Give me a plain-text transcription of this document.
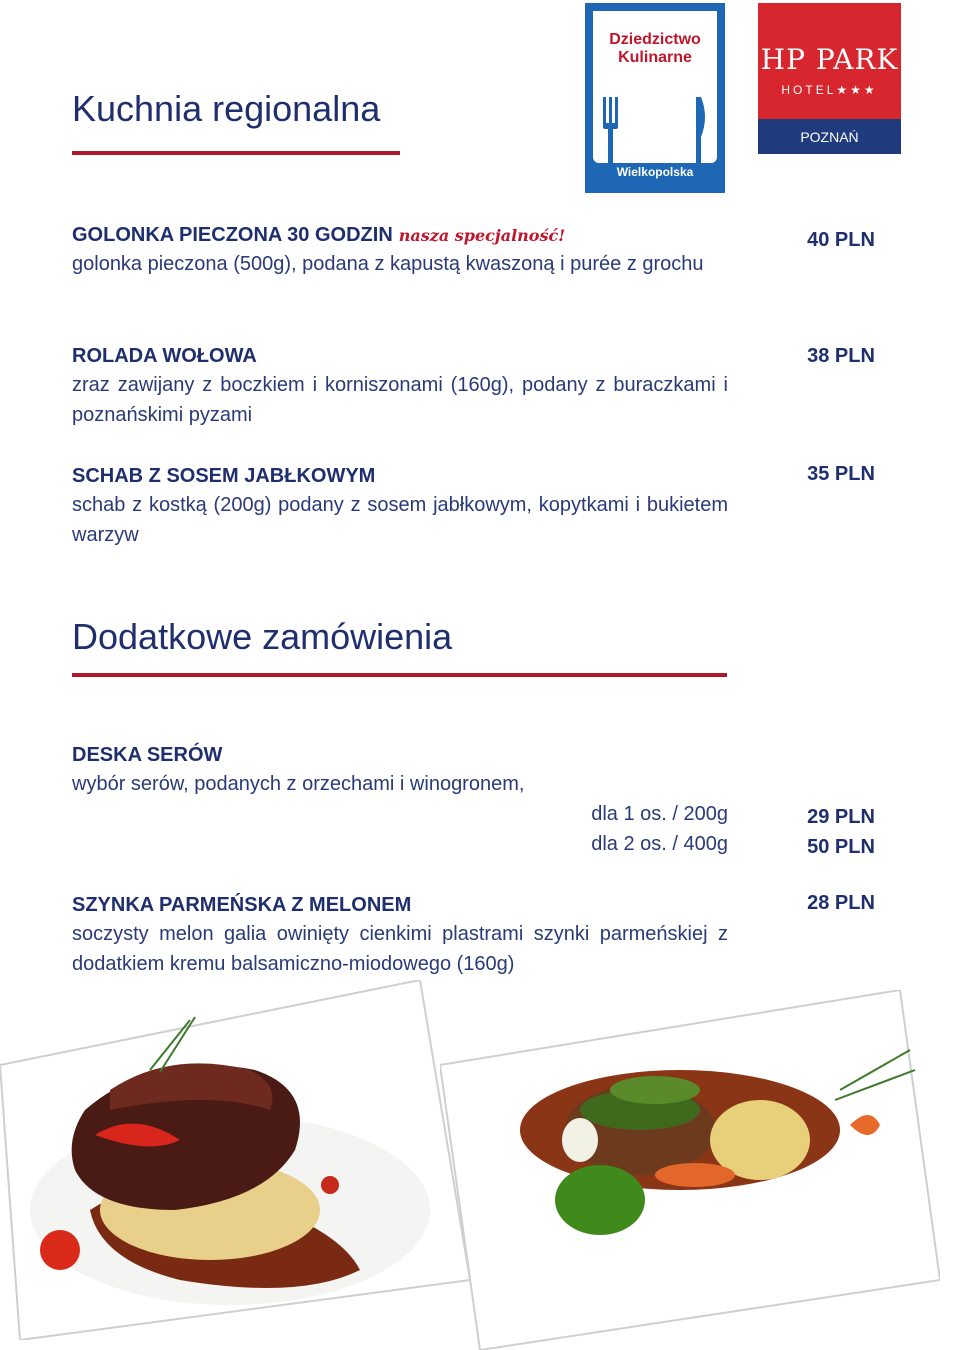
Kuchnia regionalna
Dziedzictwo
Kulinarne
Wielkopolska
HP PARK
HOTEL★★★
POZNAŃ
GOLONKA PIECZONA 30 GODZIN nasza specjalność!
golonka pieczona (500g), podana z kapustą kwaszoną i purée z grochu
40 PLN
ROLADA WOŁOWA
zraz zawijany z boczkiem i korniszonami (160g), podany z buraczkami i poznańskimi pyzami
38 PLN
SCHAB Z SOSEM JABŁKOWYM
schab z kostką (200g) podany z sosem jabłkowym, kopytkami i bukietem warzyw
35 PLN
Dodatkowe zamówienia
DESKA SERÓW
wybór serów, podanych z orzechami i winogronem,
dla 1 os. / 200g
dla 2 os. / 400g
29 PLN
50 PLN
SZYNKA PARMEŃSKA Z MELONEM
soczysty melon galia owinięty cienkimi plastrami szynki parmeńskiej z dodatkiem kremu balsamiczno-miodowego (160g)
28 PLN
